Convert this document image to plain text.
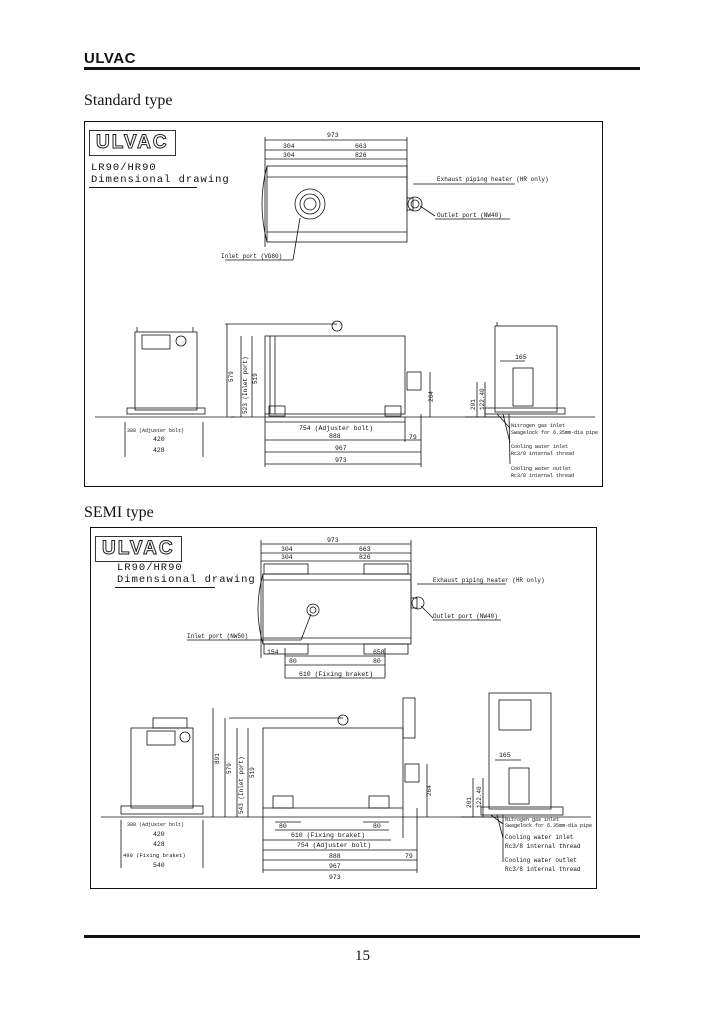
ULVAC
Standard type
ULVAC
LR90/HR90
Dimensional drawing
973
304	663
304	826
Exhaust piping heater (HR only)
Outlet port (NW40)
Inlet port (VG80)
579 523 (Inlet port) 519
264
201 122.40
754 (Adjuster bolt)
888	79
967
973
388 (Adjuster bolt)
420
428
165
Nitrogen gas inlet
Swagelock for 6.35mm-dia pipe
Cooling water inlet
Rc3/8 internal thread
Cooling water outlet
Rc3/8 internal thread
SEMI type
ULVAC
LR90/HR90
Dimensional drawing
973
304	663
304	826
Exhaust piping heater (HR only)
Outlet port (NW40)
Inlet port (NW50)
154	658
80	80
610 (Fixing braket)
891
579 543 (Inlet port) 519
264
201 122.40
80	80
610 (Fixing braket)
754 (Adjuster bolt)
888	79
967
973
388 (Adjuster bolt)
420
428
490 (Fixing braket)
540
165
Nitrogen gas inlet
Swagelock for 6.35mm-dia pipe
Cooling water inlet
Rc3/8 internal thread
Cooling water outlet
Rc3/8 internal thread
15
